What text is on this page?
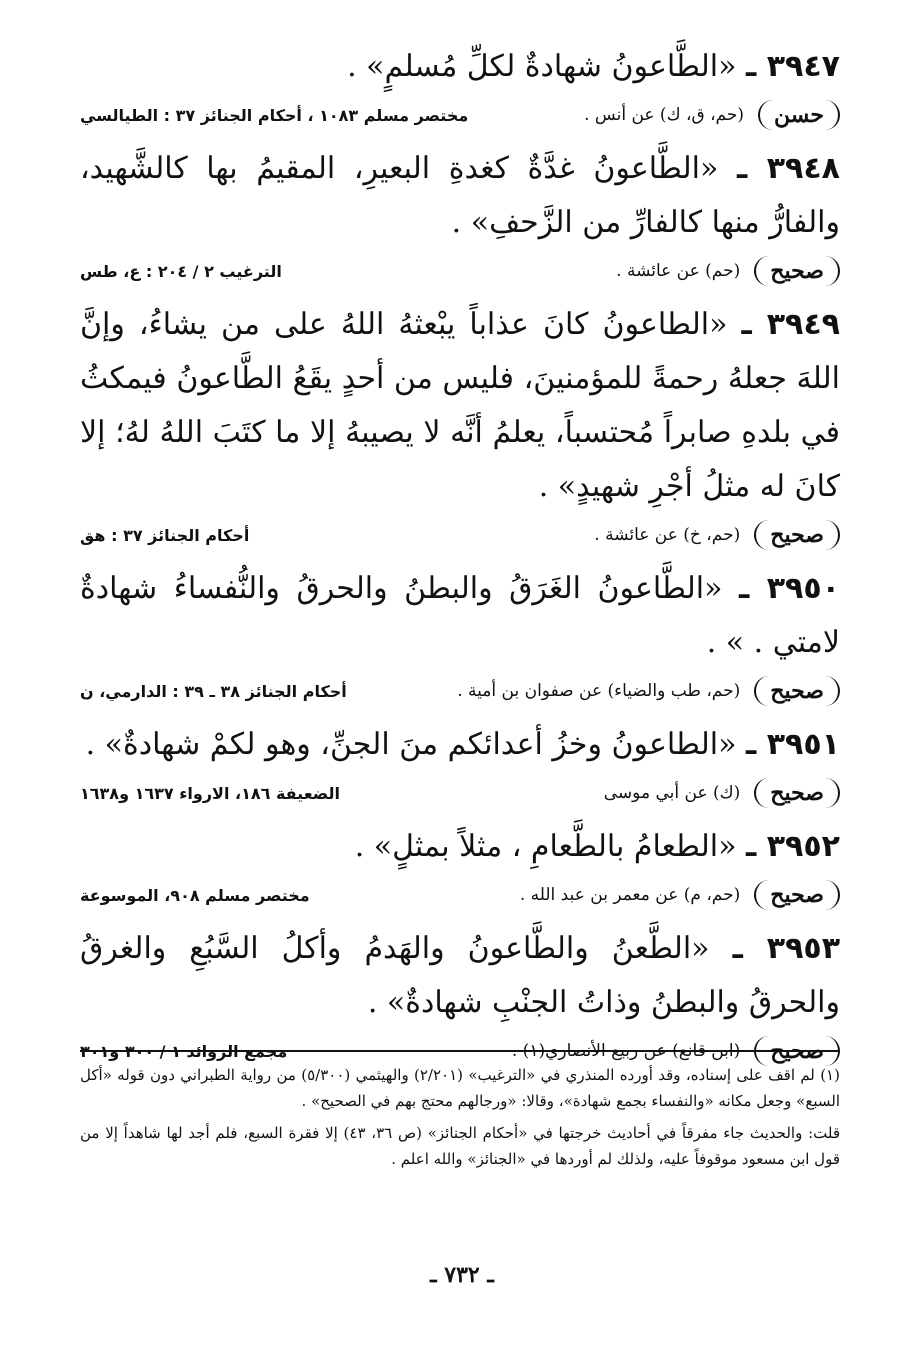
٣٩٤٧ ـ «الطَّاعونُ شهادةٌ لكلِّ مُسلمٍ» .
حسن
(حم، ق، ك) عن أنس .
مختصر مسلم ١٠٨٣ ، أحكام الجنائز ٣٧ : الطيالسي
٣٩٤٨ ـ «الطَّاعونُ غدَّةٌ كغدةِ البعيرِ، المقيمُ بها كالشَّهيد، والفارُّ منها كالفارِّ من الزَّحفِ» .
صحيح
(حم) عن عائشة .
الترغيب ٢ / ٢٠٤ : ع، طس
٣٩٤٩ ـ «الطاعونُ كانَ عذاباً يبْعثهُ اللهُ على من يشاءُ، وإنَّ اللهَ جعلهُ رحمةً للمؤمنينَ، فليس من أحدٍ يقَعُ الطَّاعونُ فيمكثُ في بلدهِ صابراً مُحتسباً، يعلمُ أنَّه لا يصيبهُ إلا ما كتَبَ اللهُ لهُ؛ إلا كانَ له مثلُ أجْرِ شهيدٍ» .
صحيح
(حم، خ) عن عائشة .
أحكام الجنائز ٣٧ : هق
٣٩٥٠ ـ «الطَّاعونُ الغَرَقُ والبطنُ والحرقُ والنُّفساءُ شهادةٌ لامتي . » .
صحيح
(حم، طب والضياء) عن صفوان بن أمية .
أحكام الجنائز ٣٨ ـ ٣٩ : الدارمي، ن
٣٩٥١ ـ «الطاعونُ وخزُ أعدائكم منَ الجنِّ، وهو لكمْ شهادةٌ» .
صحيح
(ك) عن أبي موسى
الضعيفة ١٨٦، الارواء ١٦٣٧ و١٦٣٨
٣٩٥٢ ـ «الطعامُ بالطَّعامِ ، مثلاً بمثلٍ» .
صحيح
(حم، م) عن معمر بن عبد الله .
مختصر مسلم ٩٠٨، الموسوعة
٣٩٥٣ ـ «الطَّعنُ والطَّاعونُ والهَدمُ وأكلُ السَّبُعِ والغرقُ والحرقُ والبطنُ وذاتُ الجنْبِ شهادةٌ» .
صحيح
(ابن قانع) عن ربيع الأنصاري(١) .
مجمع الزوائد ١ / ٣٠٠ و٣٠١
(١) لم اقف على إسناده، وقد أورده المنذري في «الترغيب» (٢/٢٠١) والهيثمي (٥/٣٠٠) من رواية الطبراني دون قوله «أكل السبع» وجعل مكانه «والنفساء بجمع شهادة»، وقالا: «ورجالهم محتج بهم في الصحيح» .
قلت: والحديث جاء مفرقاً في أحاديث خرجتها في «أحكام الجنائز» (ص ٣٦، ٤٣) إلا فقرة السبع، فلم أجد لها شاهداً إلا من قول ابن مسعود موقوفاً عليه، ولذلك لم أوردها في «الجنائز» والله اعلم .
ـ ٧٣٢ ـ
